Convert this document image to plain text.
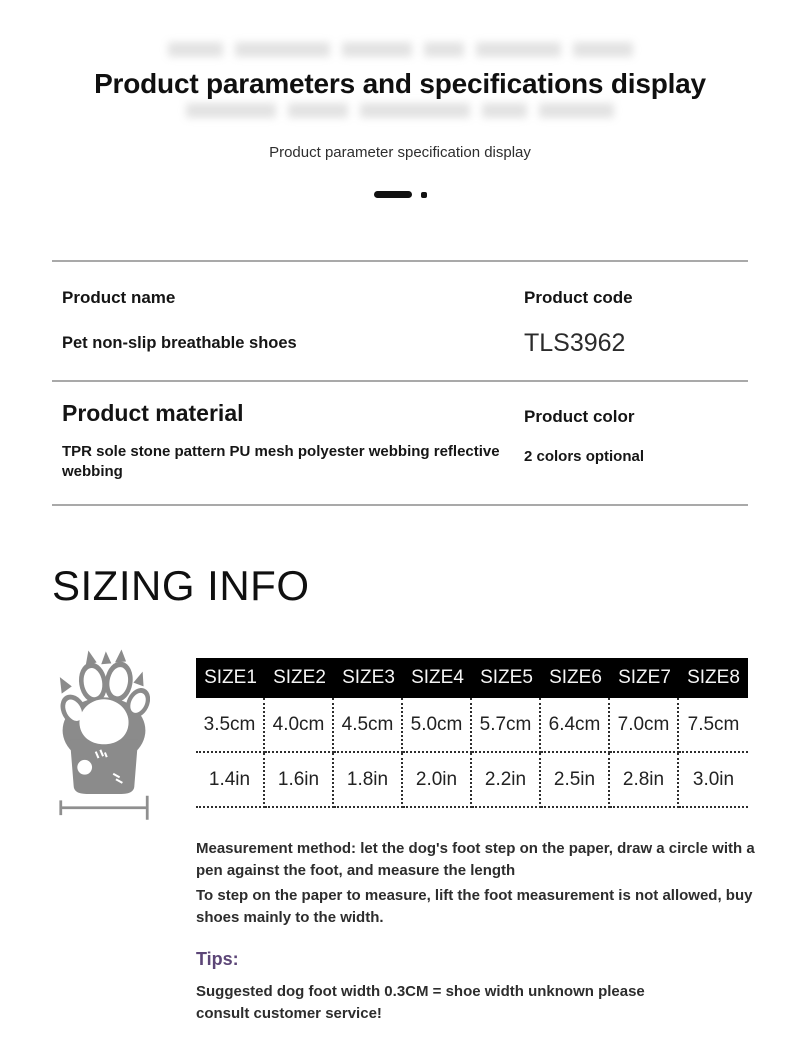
Product parameters and specifications display
Product parameter specification display
Product name
Pet non-slip breathable shoes
Product code
TLS3962
Product material
TPR sole stone pattern PU mesh polyester webbing reflective webbing
Product color
2 colors optional
SIZING INFO
SIZE1 SIZE2 SIZE3 SIZE4 SIZE5 SIZE6 SIZE7 SIZE8
3.5cm 4.0cm 4.5cm 5.0cm 5.7cm 6.4cm 7.0cm 7.5cm
1.4in	1.6in	1.8in	2.0in	2.2in	2.5in	2.8in	3.0in

Measurement method: let the dog's foot step on the paper, draw a circle with a pen against the foot, and measure the length

To step on the paper to measure, lift the foot measurement is not allowed, buy shoes mainly to the width.

Tips:
Suggested dog foot width 0.3CM = shoe width unknown please consult customer service!
